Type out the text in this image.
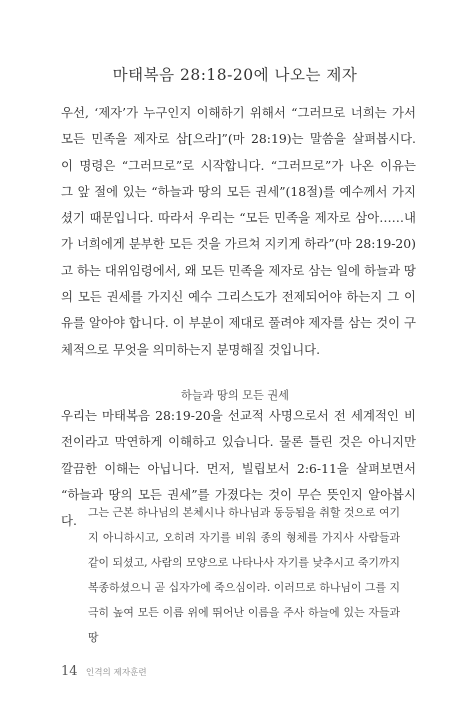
마태복음 28:18-20에 나오는 제자

우선, ‘제자’가 누구인지 이해하기 위해서 “그러므로 너희는 가서 모든 민족을 제자로 삼[으라]”(마 28:19)는 말씀을 살펴봅시다. 이 명령은 “그러므로”로 시작합니다. “그러므로”가 나온 이유는 그 앞 절에 있는 “하늘과 땅의 모든 권세”(18절)를 예수께서 가지셨기 때문입니다. 따라서 우리는 “모든 민족을 제자로 삼아……내가 너희에게 분부한 모든 것을 가르쳐 지키게 하라”(마 28:19-20)고 하는 대위임령에서, 왜 모든 민족을 제자로 삼는 일에 하늘과 땅의 모든 권세를 가지신 예수 그리스도가 전제되어야 하는지 그 이유를 알아야 합니다. 이 부분이 제대로 풀려야 제자를 삼는 것이 구체적으로 무엇을 의미하는지 분명해질 것입니다.

하늘과 땅의 모든 권세

우리는 마태복음 28:19-20을 선교적 사명으로서 전 세계적인 비전이라고 막연하게 이해하고 있습니다. 물론 틀린 것은 아니지만 깔끔한 이해는 아닙니다. 먼저, 빌립보서 2:6-11을 살펴보면서 “하늘과 땅의 모든 권세”를 가졌다는 것이 무슨 뜻인지 알아봅시다.

그는 근본 하나님의 본체시나 하나님과 동등됨을 취할 것으로 여기지 아니하시고, 오히려 자기를 비워 종의 형체를 가지사 사람들과 같이 되셨고, 사람의 모양으로 나타나사 자기를 낮추시고 죽기까지 복종하셨으니 곧 십자가에 죽으심이라. 이러므로 하나님이 그를 지극히 높여 모든 이름 위에 뛰어난 이름을 주사 하늘에 있는 자들과 땅
14 인격의 제자훈련
